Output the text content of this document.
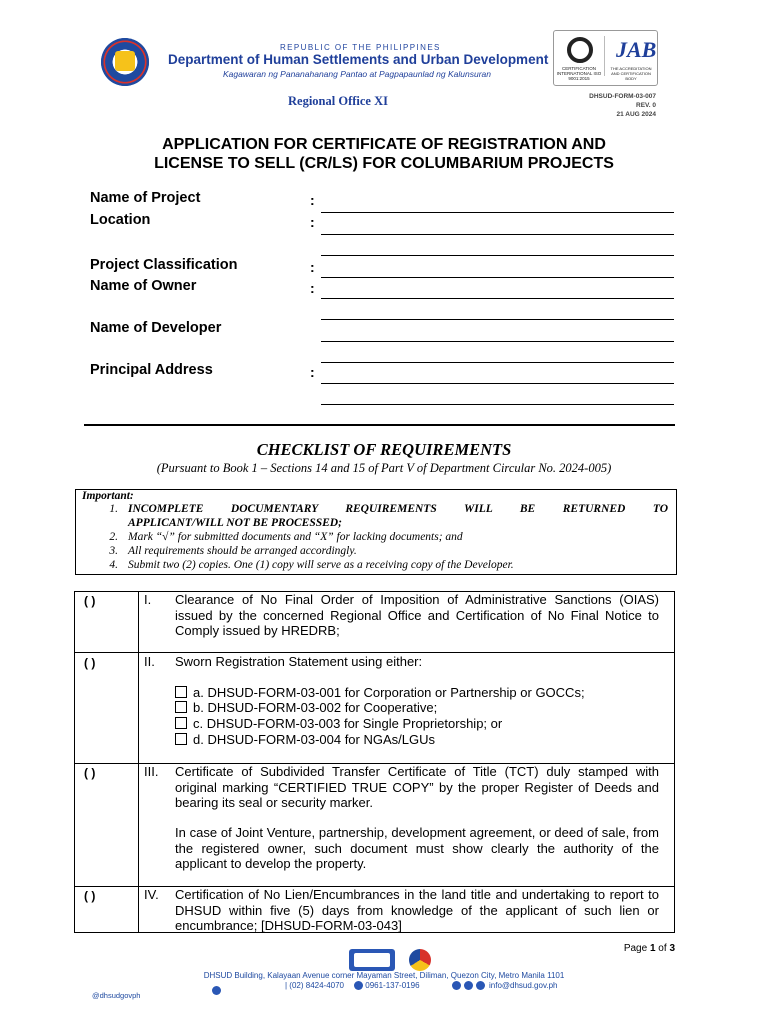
REPUBLIC OF THE PHILIPPINES
Department of Human Settlements and Urban Development
Kagawaran ng Pananahanang Pantao at Pagpapaunlad ng Kalunsuran
JAB
CERTIFICATION INTERNATIONAL ISO 9001:2015
THE ACCREDITATION AND CERTIFICATION BODY
Regional Office XI	DHSUD-FORM-03-007
REV. 0
21 AUG 2024
APPLICATION FOR CERTIFICATE OF REGISTRATION AND
LICENSE TO SELL (CR/LS) FOR COLUMBARIUM PROJECTS
Name of Project	:
Location	:
Project Classification	:
Name of Owner	:
Name of Developer
Principal Address	:
CHECKLIST OF REQUIREMENTS
(Pursuant to Book 1 – Sections 14 and 15 of Part V of Department Circular No. 2024-005)
Important:
1. INCOMPLETE DOCUMENTARY REQUIREMENTS WILL BE RETURNED TO
APPLICANT/WILL NOT BE PROCESSED;
2. Mark “√” for submitted documents and “X” for lacking documents; and
3. All requirements should be arranged accordingly.
4. Submit two (2) copies. One (1) copy will serve as a receiving copy of the Developer.
( )	I. Clearance of No Final Order of Imposition of Administrative Sanctions (OIAS) issued by the concerned Regional Office and Certification of No Final Notice to Comply issued by HREDRB;
( )	II. Sworn Registration Statement using either:
a. DHSUD-FORM-03-001 for Corporation or Partnership or GOCCs;
b. DHSUD-FORM-03-002 for Cooperative;
c. DHSUD-FORM-03-003 for Single Proprietorship; or
d. DHSUD-FORM-03-004 for NGAs/LGUs
( )	III. Certificate of Subdivided Transfer Certificate of Title (TCT) duly stamped with original marking “CERTIFIED TRUE COPY” by the proper Register of Deeds and bearing its seal or security marker.
In case of Joint Venture, partnership, development agreement, or deed of sale, from the registered owner, such document must show clearly the authority of the applicant to develop the property.
( )	IV. Certification of No Lien/Encumbrances in the land title and undertaking to report to DHSUD within five (5) days from knowledge of the applicant of such lien or encumbrance; [DHSUD-FORM-03-043]
Page 1 of 3
DHSUD Building, Kalayaan Avenue corner Mayaman Street, Diliman, Quezon City, Metro Manila 1101
| (02) 8424-4070	0961-137-0196	info@dhsud.gov.ph
@dhsudgovph
